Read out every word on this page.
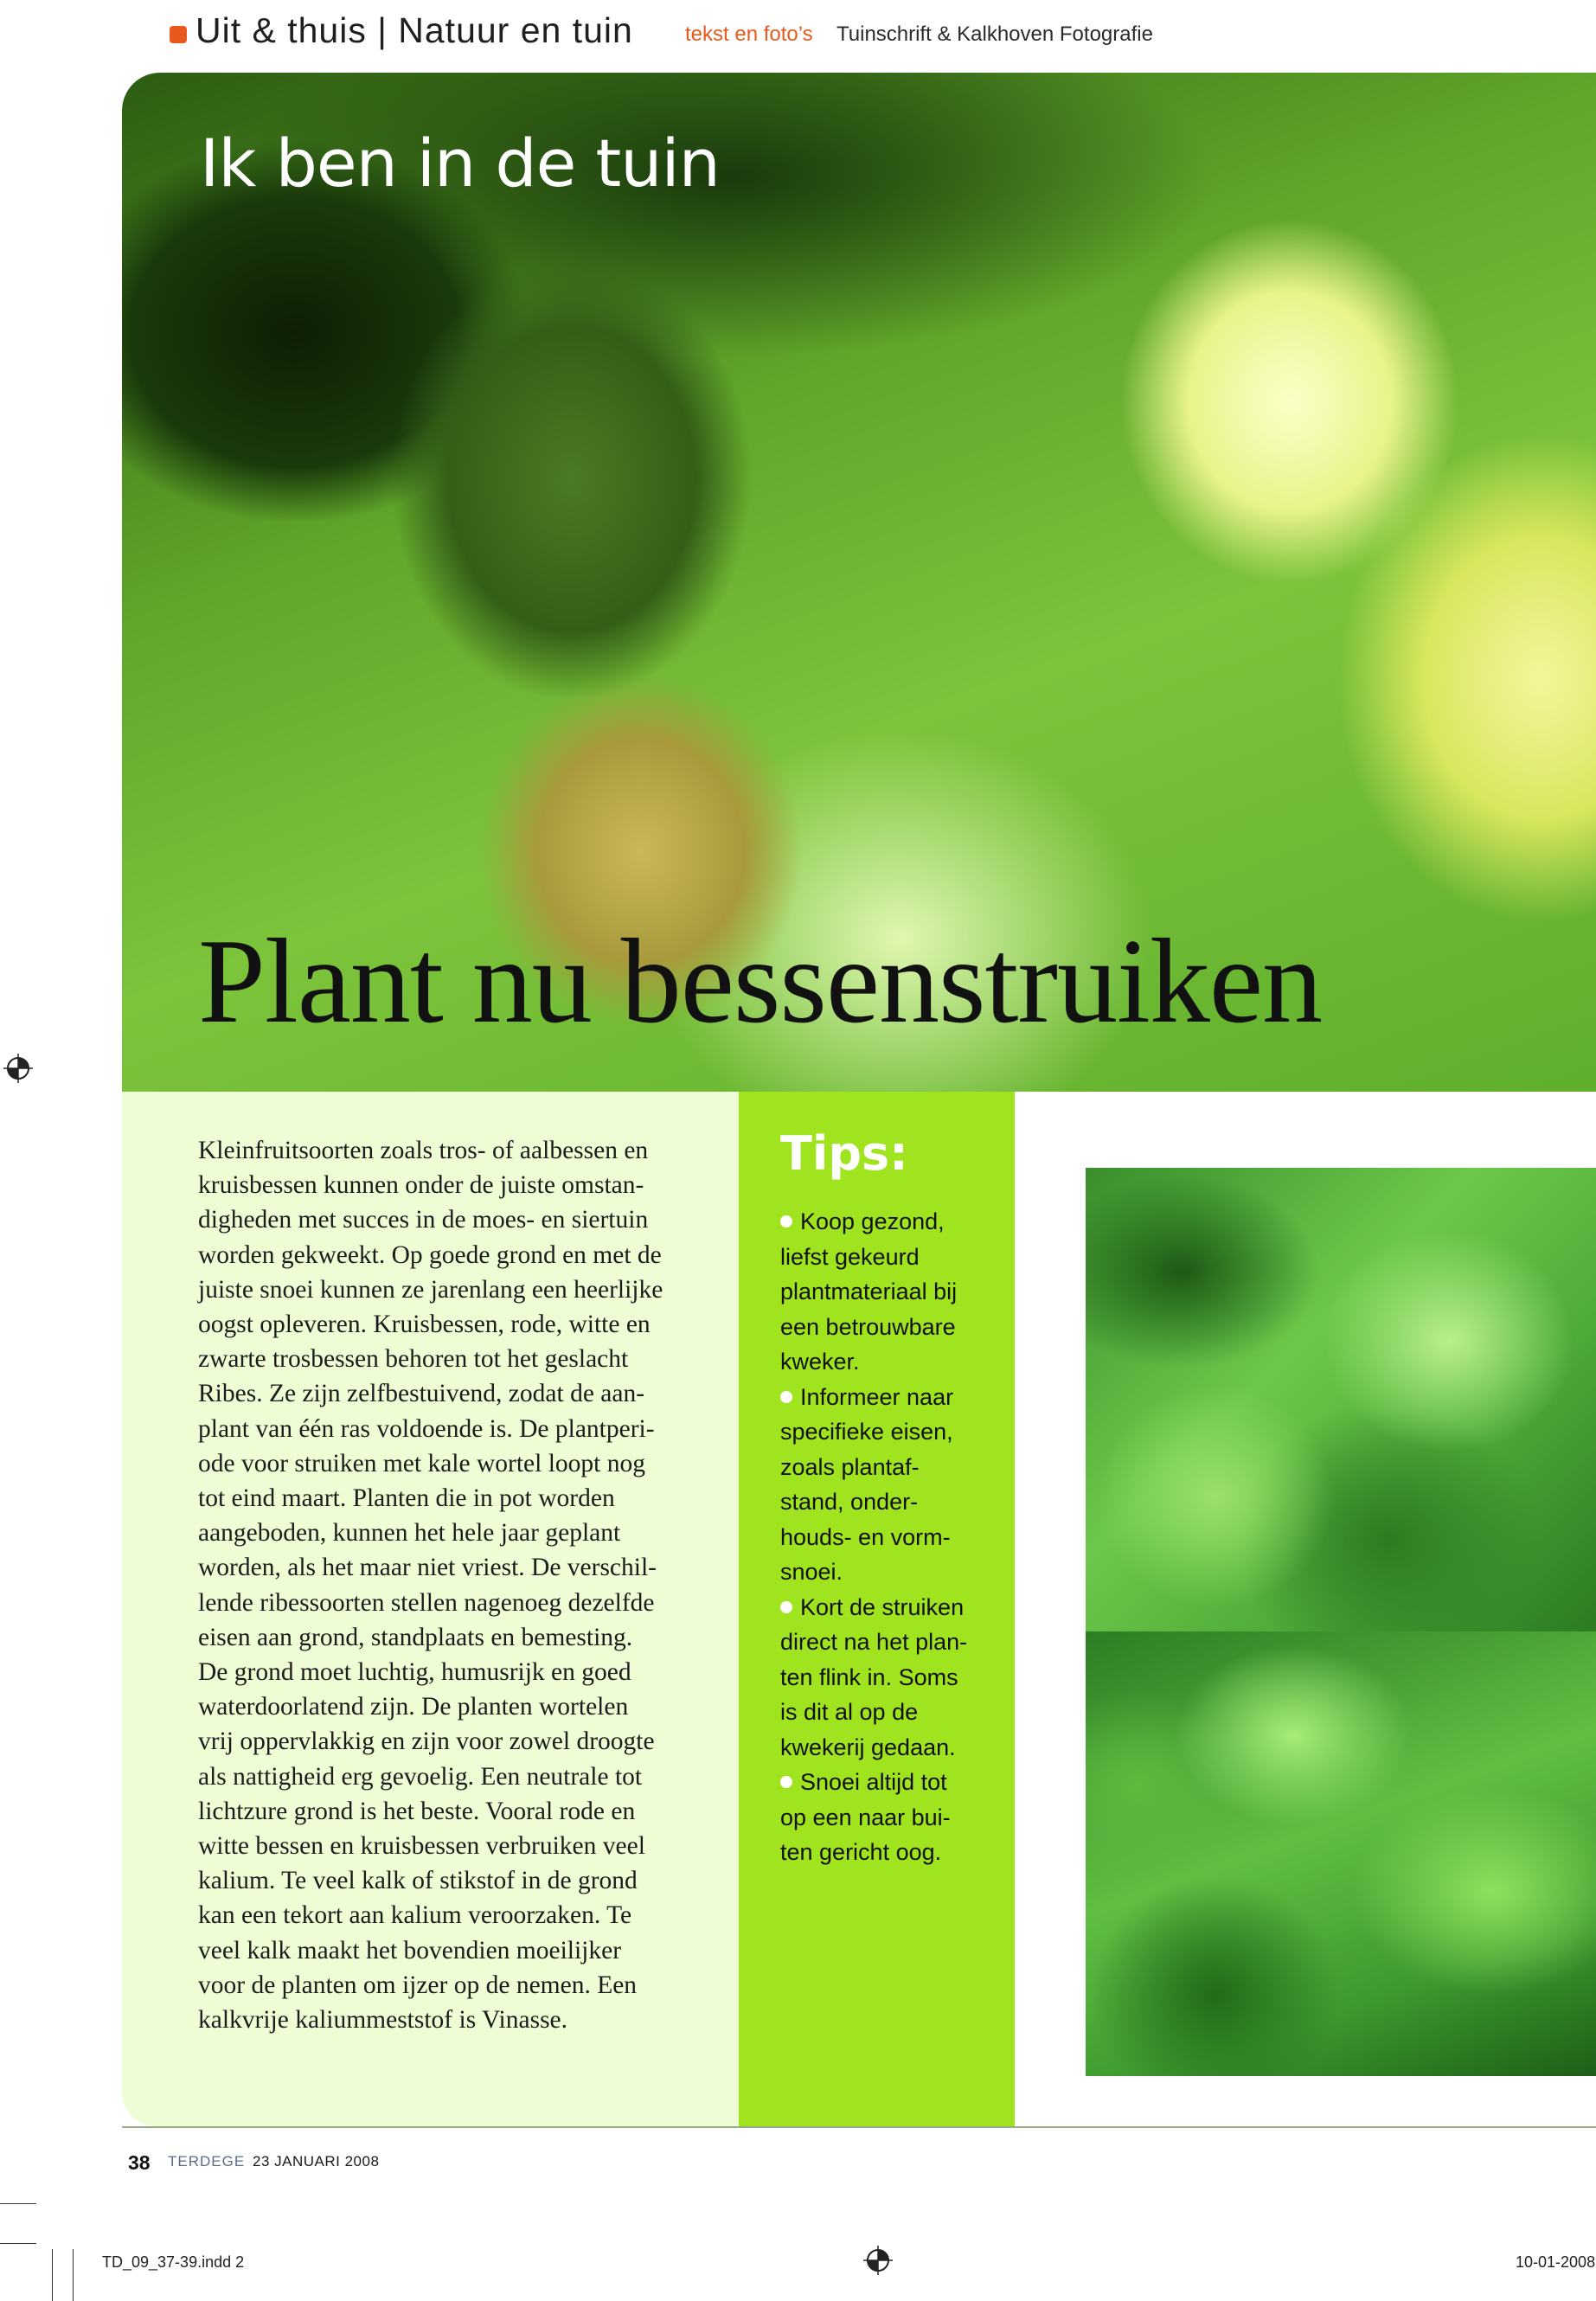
Uit & thuis | Natuur en tuin	tekst en foto’s Tuinschrift & Kalkhoven Fotografie
Ik ben in de tuin
Plant nu bessenstruiken
Kleinfruitsoorten zoals tros- of aalbessen en
kruisbessen kunnen onder de juiste omstan-
digheden met succes in de moes- en siertuin
worden gekweekt. Op goede grond en met de
juiste snoei kunnen ze jarenlang een heerlijke
oogst opleveren. Kruisbessen, rode, witte en
zwarte trosbessen behoren tot het geslacht
Ribes. Ze zijn zelfbestuivend, zodat de aan-
plant van één ras voldoende is. De plantperi-
ode voor struiken met kale wortel loopt nog
tot eind maart. Planten die in pot worden
aangeboden, kunnen het hele jaar geplant
worden, als het maar niet vriest. De verschil-
lende ribessoorten stellen nagenoeg dezelfde
eisen aan grond, standplaats en bemesting.
De grond moet luchtig, humusrijk en goed
waterdoorlatend zijn. De planten wortelen
vrij oppervlakkig en zijn voor zowel droogte
als nattigheid erg gevoelig. Een neutrale tot
lichtzure grond is het beste. Vooral rode en
witte bessen en kruisbessen verbruiken veel
kalium. Te veel kalk of stikstof in de grond
kan een tekort aan kalium veroorzaken. Te
veel kalk maakt het bovendien moeilijker
voor de planten om ijzer op de nemen. Een
kalkvrije kaliummeststof is Vinasse.
Tips:

Koop gezond,
liefst gekeurd
plantmateriaal bij
een betrouwbare
kweker.

Informeer naar
specifieke eisen,
zoals plantaf-
stand, onder-
houds- en vorm-
snoei.

Kort de struiken
direct na het plan-
ten flink in. Soms
is dit al op de
kwekerij gedaan.

Snoei altijd tot
op een naar bui-
ten gericht oog.

38 TERDEGE 23 JANUARI 2008
TD_09_37-39.indd 2	10-01-2008
